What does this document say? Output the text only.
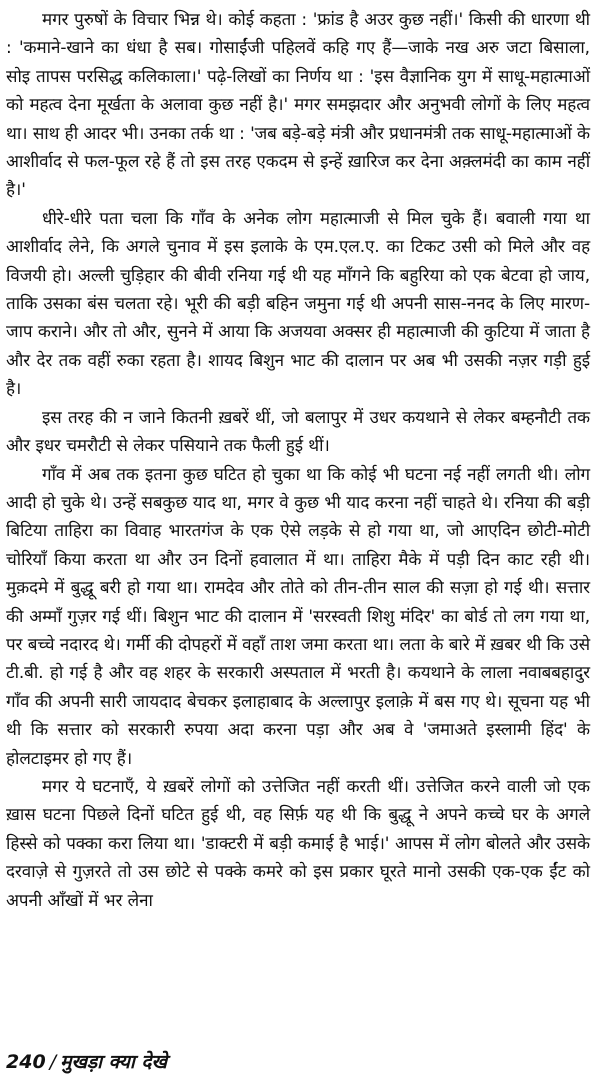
मगर पुरुषों के विचार भिन्न थे। कोई कहता : 'फ्रांड है अउर कुछ नहीं।' किसी की धारणा थी : 'कमाने-खाने का धंधा है सब। गोसाईंजी पहिलवें कहि गए हैं—जाके नख अरु जटा बिसाला, सोइ तापस परसिद्ध कलिकाला।' पढ़े-लिखों का निर्णय था : 'इस वैज्ञानिक युग में साधू-महात्माओं को महत्व देना मूर्खता के अलावा कुछ नहीं है।' मगर समझदार और अनुभवी लोगों के लिए महत्व था। साथ ही आदर भी। उनका तर्क था : 'जब बड़े-बड़े मंत्री और प्रधानमंत्री तक साधू-महात्माओं के आशीर्वाद से फल-फूल रहे हैं तो इस तरह एकदम से इन्हें ख़ारिज कर देना अक़्लमंदी का काम नहीं है।'

धीरे-धीरे पता चला कि गाँव के अनेक लोग महात्माजी से मिल चुके हैं। बवाली गया था आशीर्वाद लेने, कि अगले चुनाव में इस इलाके के एम.एल.ए. का टिकट उसी को मिले और वह विजयी हो। अल्ली चुड़िहार की बीवी रनिया गई थी यह माँगने कि बहुरिया को एक बेटवा हो जाय, ताकि उसका बंस चलता रहे। भूरी की बड़ी बहिन जमुना गई थी अपनी सास-ननद के लिए मारण-जाप कराने। और तो और, सुनने में आया कि अजयवा अक्सर ही महात्माजी की कुटिया में जाता है और देर तक वहीं रुका रहता है। शायद बिशुन भाट की दालान पर अब भी उसकी नज़र गड़ी हुई है।

इस तरह की न जाने कितनी ख़बरें थीं, जो बलापुर में उधर कयथाने से लेकर बम्हनौटी तक और इधर चमरौटी से लेकर पसियाने तक फैली हुई थीं।

गाँव में अब तक इतना कुछ घटित हो चुका था कि कोई भी घटना नई नहीं लगती थी। लोग आदी हो चुके थे। उन्हें सबकुछ याद था, मगर वे कुछ भी याद करना नहीं चाहते थे। रनिया की बड़ी बिटिया ताहिरा का विवाह भारतगंज के एक ऐसे लड़के से हो गया था, जो आएदिन छोटी-मोटी चोरियाँ किया करता था और उन दिनों हवालात में था। ताहिरा मैके में पड़ी दिन काट रही थी। मुक़दमे में बुद्धू बरी हो गया था। रामदेव और तोते को तीन-तीन साल की सज़ा हो गई थी। सत्तार की अम्माँ गुज़र गई थीं। बिशुन भाट की दालान में 'सरस्वती शिशु मंदिर' का बोर्ड तो लग गया था, पर बच्चे नदारद थे। गर्मी की दोपहरों में वहाँ ताश जमा करता था। लता के बारे में ख़बर थी कि उसे टी.बी. हो गई है और वह शहर के सरकारी अस्पताल में भरती है। कयथाने के लाला नवाबबहादुर गाँव की अपनी सारी जायदाद बेचकर इलाहाबाद के अल्लापुर इलाक़े में बस गए थे। सूचना यह भी थी कि सत्तार को सरकारी रुपया अदा करना पड़ा और अब वे 'जमाअते इस्लामी हिंद' के होलटाइमर हो गए हैं।

मगर ये घटनाएँ, ये ख़बरें लोगों को उत्तेजित नहीं करती थीं। उत्तेजित करने वाली जो एक ख़ास घटना पिछले दिनों घटित हुई थी, वह सिर्फ़ यह थी कि बुद्धू ने अपने कच्चे घर के अगले हिस्से को पक्का करा लिया था। 'डाक्टरी में बड़ी कमाई है भाई।' आपस में लोग बोलते और उसके दरवाज़े से गुज़रते तो उस छोटे से पक्के कमरे को इस प्रकार घूरते मानो उसकी एक-एक ईंट को अपनी आँखों में भर लेना

240 / मुखड़ा क्या देखे
